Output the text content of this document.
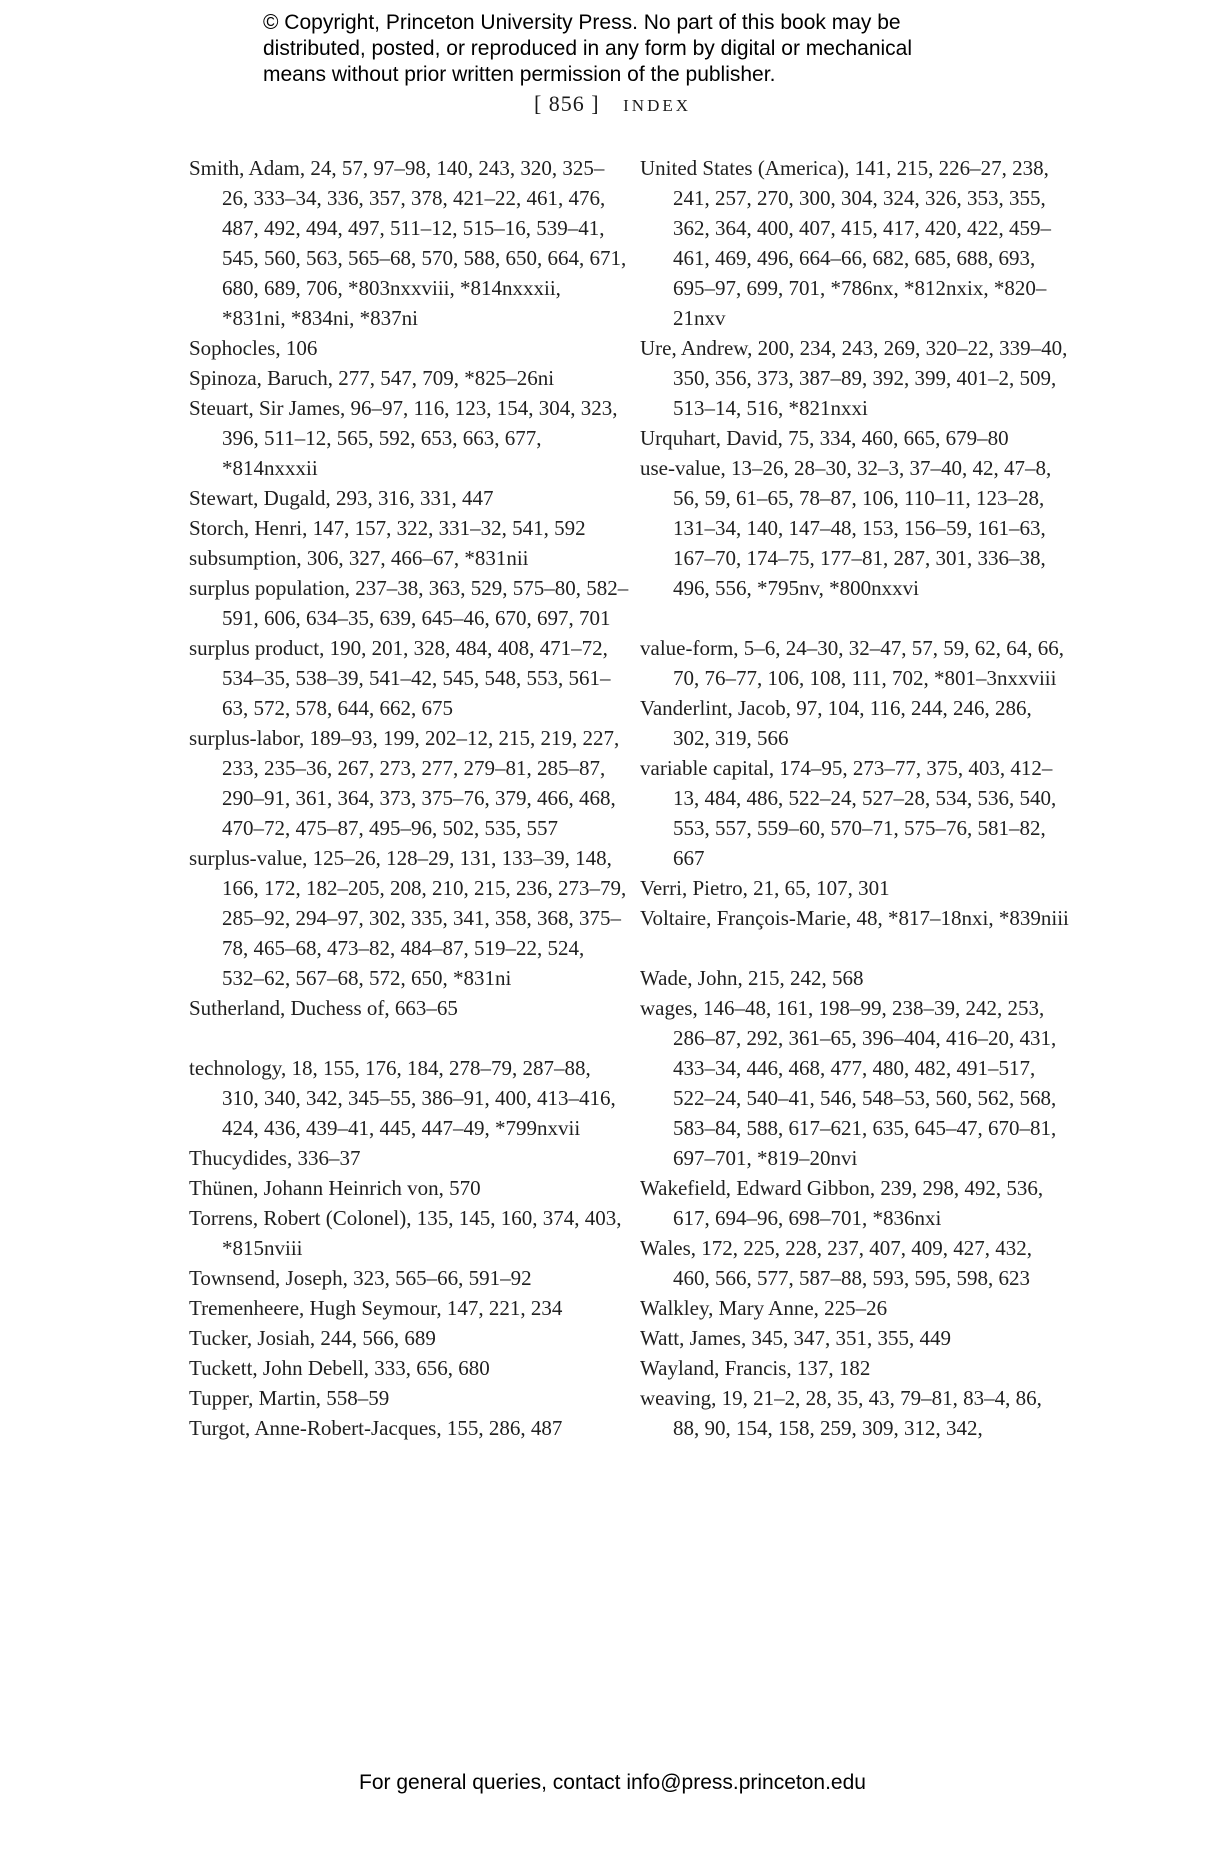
© Copyright, Princeton University Press. No part of this book may be
distributed, posted, or reproduced in any form by digital or mechanical
means without prior written permission of the publisher.
[ 856 ] INDEX

Smith, Adam, 24, 57, 97–98, 140, 243, 320, 325–26, 333–34, 336, 357, 378, 421–22, 461, 476, 487, 492, 494, 497, 511–12, 515–16, 539–41, 545, 560, 563, 565–68, 570, 588, 650, 664, 671, 680, 689, 706, *803nxxviii, *814nxxxii, *831ni, *834ni, *837ni

Sophocles, 106

Spinoza, Baruch, 277, 547, 709, *825–26ni

Steuart, Sir James, 96–97, 116, 123, 154, 304, 323, 396, 511–12, 565, 592, 653, 663, 677, *814nxxxii

Stewart, Dugald, 293, 316, 331, 447

Storch, Henri, 147, 157, 322, 331–32, 541, 592

subsumption, 306, 327, 466–67, *831nii

surplus population, 237–38, 363, 529, 575–80, 582–591, 606, 634–35, 639, 645–46, 670, 697, 701

surplus product, 190, 201, 328, 484, 408, 471–72, 534–35, 538–39, 541–42, 545, 548, 553, 561–63, 572, 578, 644, 662, 675

surplus-labor, 189–93, 199, 202–12, 215, 219, 227, 233, 235–36, 267, 273, 277, 279–81, 285–87, 290–91, 361, 364, 373, 375–76, 379, 466, 468, 470–72, 475–87, 495–96, 502, 535, 557

surplus-value, 125–26, 128–29, 131, 133–39, 148, 166, 172, 182–205, 208, 210, 215, 236, 273–79, 285–92, 294–97, 302, 335, 341, 358, 368, 375–78, 465–68, 473–82, 484–87, 519–22, 524, 532–62, 567–68, 572, 650, *831ni

Sutherland, Duchess of, 663–65

technology, 18, 155, 176, 184, 278–79, 287–88, 310, 340, 342, 345–55, 386–91, 400, 413–416, 424, 436, 439–41, 445, 447–49, *799nxvii

Thucydides, 336–37

Thünen, Johann Heinrich von, 570

Torrens, Robert (Colonel), 135, 145, 160, 374, 403, *815nviii

Townsend, Joseph, 323, 565–66, 591–92

Tremenheere, Hugh Seymour, 147, 221, 234

Tucker, Josiah, 244, 566, 689

Tuckett, John Debell, 333, 656, 680

Tupper, Martin, 558–59

Turgot, Anne-Robert-Jacques, 155, 286, 487

United States (America), 141, 215, 226–27, 238, 241, 257, 270, 300, 304, 324, 326, 353, 355, 362, 364, 400, 407, 415, 417, 420, 422, 459–461, 469, 496, 664–66, 682, 685, 688, 693, 695–97, 699, 701, *786nx, *812nxix, *820–21nxv

Ure, Andrew, 200, 234, 243, 269, 320–22, 339–40, 350, 356, 373, 387–89, 392, 399, 401–2, 509, 513–14, 516, *821nxxi

Urquhart, David, 75, 334, 460, 665, 679–80

use-value, 13–26, 28–30, 32–3, 37–40, 42, 47–8, 56, 59, 61–65, 78–87, 106, 110–11, 123–28, 131–34, 140, 147–48, 153, 156–59, 161–63, 167–70, 174–75, 177–81, 287, 301, 336–38, 496, 556, *795nv, *800nxxvi

value-form, 5–6, 24–30, 32–47, 57, 59, 62, 64, 66, 70, 76–77, 106, 108, 111, 702, *801–3nxxviii

Vanderlint, Jacob, 97, 104, 116, 244, 246, 286, 302, 319, 566

variable capital, 174–95, 273–77, 375, 403, 412–13, 484, 486, 522–24, 527–28, 534, 536, 540, 553, 557, 559–60, 570–71, 575–76, 581–82, 667

Verri, Pietro, 21, 65, 107, 301

Voltaire, François-Marie, 48, *817–18nxi, *839niii

Wade, John, 215, 242, 568

wages, 146–48, 161, 198–99, 238–39, 242, 253, 286–87, 292, 361–65, 396–404, 416–20, 431, 433–34, 446, 468, 477, 480, 482, 491–517, 522–24, 540–41, 546, 548–53, 560, 562, 568, 583–84, 588, 617–621, 635, 645–47, 670–81, 697–701, *819–20nvi

Wakefield, Edward Gibbon, 239, 298, 492, 536, 617, 694–96, 698–701, *836nxi

Wales, 172, 225, 228, 237, 407, 409, 427, 432, 460, 566, 577, 587–88, 593, 595, 598, 623

Walkley, Mary Anne, 225–26

Watt, James, 345, 347, 351, 355, 449

Wayland, Francis, 137, 182

weaving, 19, 21–2, 28, 35, 43, 79–81, 83–4, 86, 88, 90, 154, 158, 259, 309, 312, 342,

For general queries, contact info@press.princeton.edu
